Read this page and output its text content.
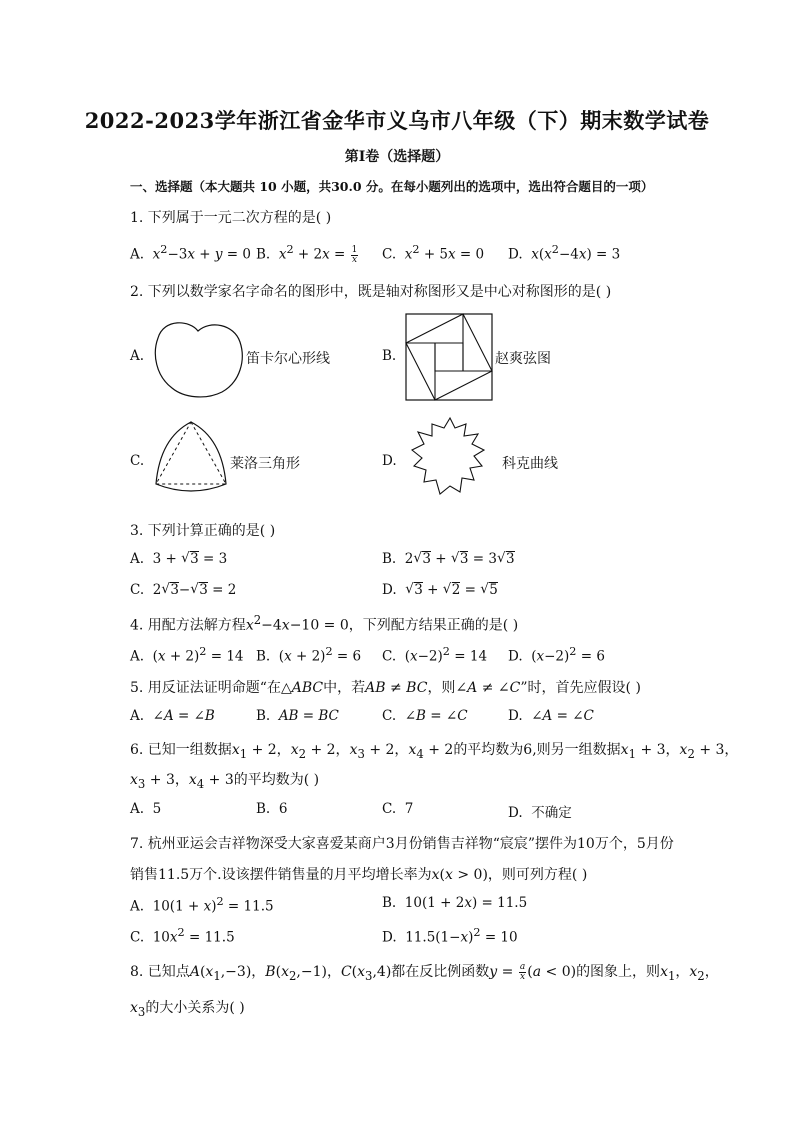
2022-2023学年浙江省金华市义乌市八年级（下）期末数学试卷
第I卷（选择题）
一、选择题（本大题共 10 小题，共30.0 分。在每小题列出的选项中，选出符合题目的一项）
1. 下列属于一元二次方程的是( )
A. $x^2-3x + y = 0$ B. $x^2 + 2x = \frac{1}{x} C$. $x^2 + 5x = 0$ D. $x(x^2-4x) = 3$
2. 下列以数学家名字命名的图形中，既是轴对称图形又是中心对称图形的是( )
A.	笛卡尔心形线	B.	赵爽弦图
C.	莱洛三角形	D.	科克曲线
3. 下列计算正确的是( )
A.  3 + √ 3 = 3	B.  2 √ 3 + √ 3 = 3 √ 3
C.  2 √ 3− √ 3 = 2	D. √ 3 + √ 2 = √ 5
4. 用配方法解方程$x^2-4x-10 = 0$，下列配方结果正确的是( )
A.  $(x + 2)^2 = 14$ B.  $(x + 2)^2 = 6$ C.  $(x-2)^2 = 14$ D.  $(x-2)^2 = 6$
5. 用反证法证明命题“在△ABC中，若AB ≠ BC，则∠A ≠ ∠C”时，首先应假设( )
A.  ∠A = ∠B	B. AB = BC	C.  ∠B = ∠C	D.  ∠A = ∠C
6. 已知一组数据$x_1 + 2$，$x_2 + 2$，$x_3 + 2$，$x_4 + 2$的平均数为6,则另一组数据$x_1 + 3$，$x_2 + 3$，
$x_3 + 3$，$x_4 + 3$的平均数为( )
A. 5	B. 6	C. 7	D. 不确定
7. 杭州亚运会吉祥物深受大家喜爱某商户3月份销售吉祥物“宸宸”摆件为10万个，5月份
销售11.5万个.设该摆件销售量的月平均增长率为x(x > 0)，则可列方程( )
A.  $10(1 + x)^2 = 11.5$	B.  10(1 + 2x) = 11.5
C.  $10x^2 = 11.5$	D.  $11.5(1-x)^2 = 10$
8. 已知点$A(x_1,-3)$，$B(x_2,-1)$，$C(x_3,4)$都在反比例函数$y = \frac{a}{x} (a < 0)$的图象上，则$x_1$，$x_2$，
$x_3$的大小关系为( )
